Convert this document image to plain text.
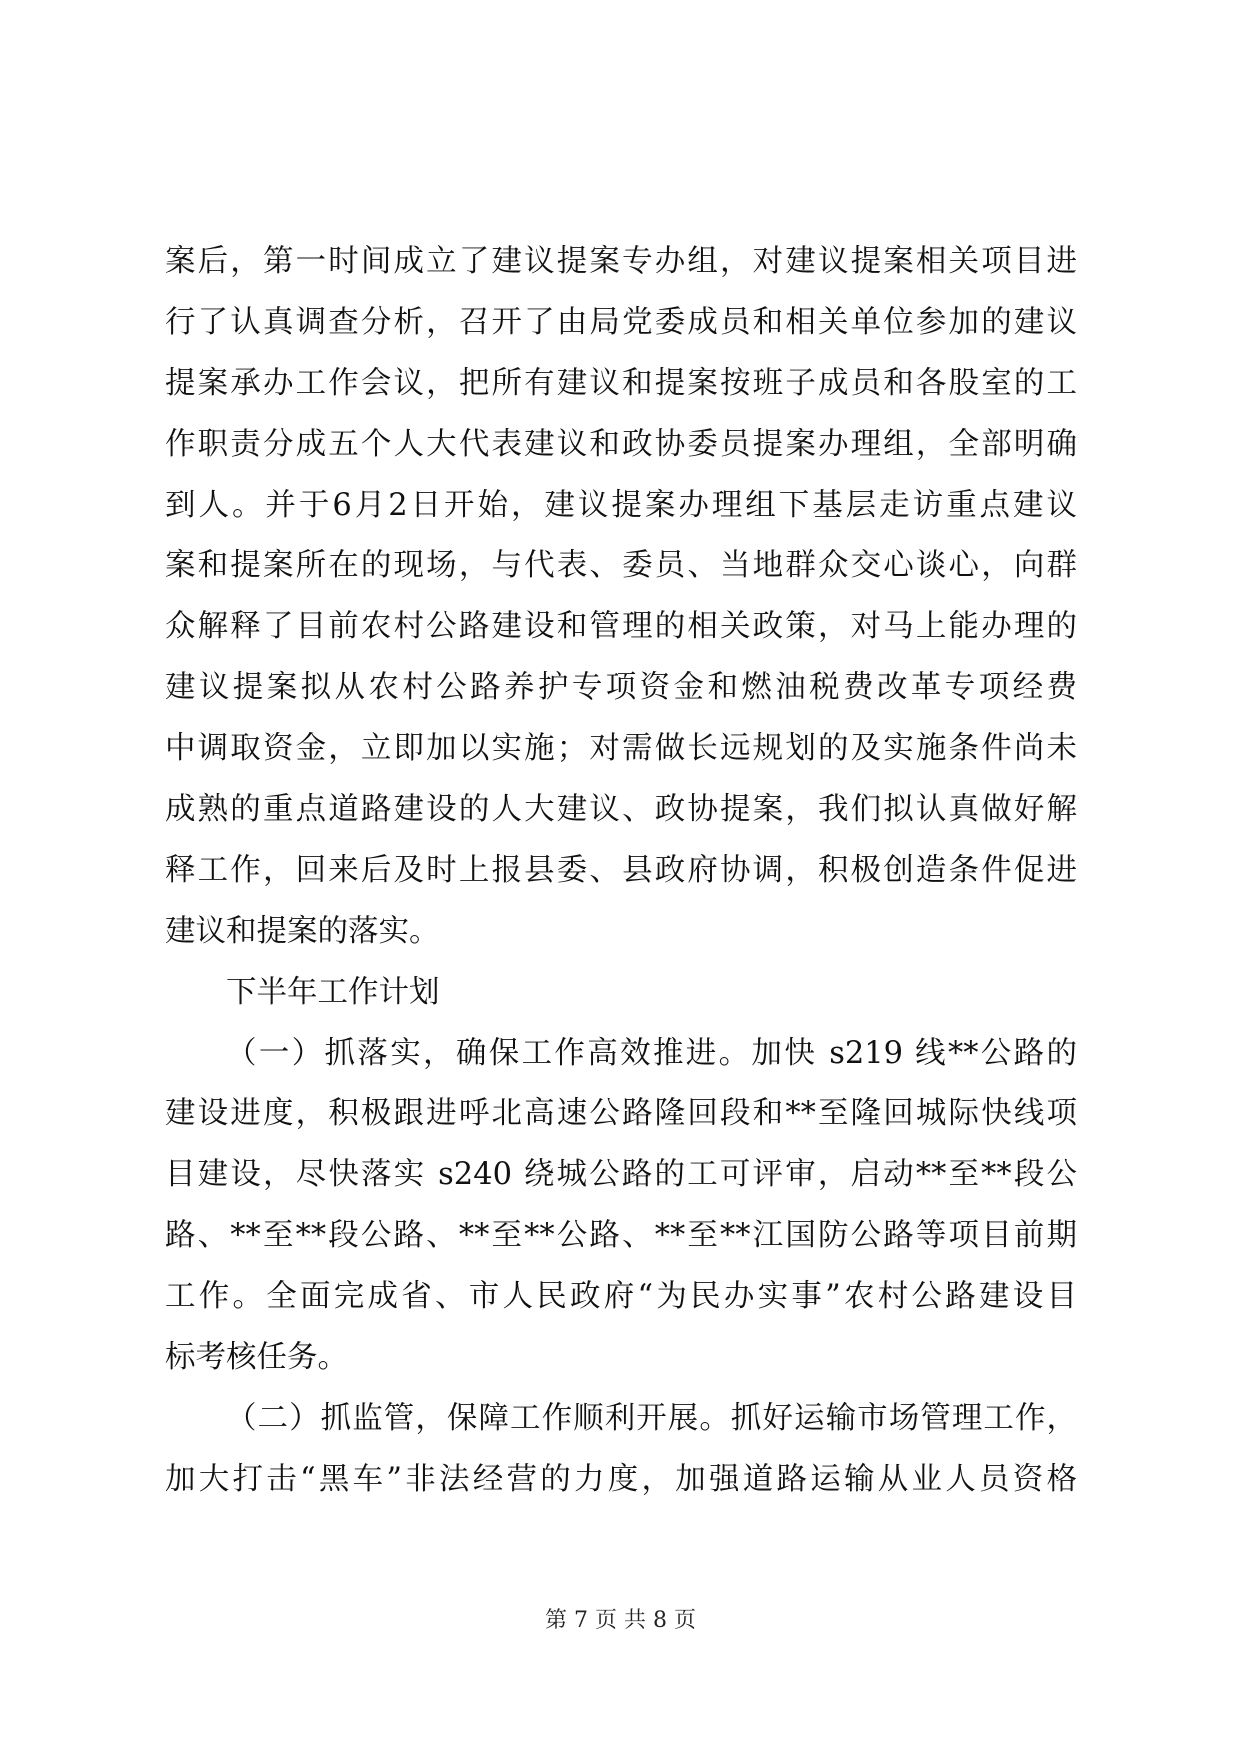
案后，第一时间成立了建议提案专办组，对建议提案相关项目进
行了认真调查分析，召开了由局党委成员和相关单位参加的建议
提案承办工作会议，把所有建议和提案按班子成员和各股室的工
作职责分成五个人大代表建议和政协委员提案办理组，全部明确
到人。并于6月2日开始，建议提案办理组下基层走访重点建议
案和提案所在的现场，与代表、委员、当地群众交心谈心，向群
众解释了目前农村公路建设和管理的相关政策，对马上能办理的
建议提案拟从农村公路养护专项资金和燃油税费改革专项经费
中调取资金，立即加以实施；对需做长远规划的及实施条件尚未
成熟的重点道路建设的人大建议、政协提案，我们拟认真做好解
释工作，回来后及时上报县委、县政府协调，积极创造条件促进
建议和提案的落实。
下半年工作计划
（一）抓落实，确保工作高效推进。加快 s219 线**公路的
建设进度，积极跟进呼北高速公路隆回段和**至隆回城际快线项
目建设，尽快落实 s240 绕城公路的工可评审，启动**至**段公
路、**至**段公路、**至**公路、**至**江国防公路等项目前期
工作。全面完成省、市人民政府“为民办实事”农村公路建设目
标考核任务。
（二）抓监管，保障工作顺利开展。抓好运输市场管理工作，
加大打击“黑车”非法经营的力度，加强道路运输从业人员资格
第 7 页 共 8 页
